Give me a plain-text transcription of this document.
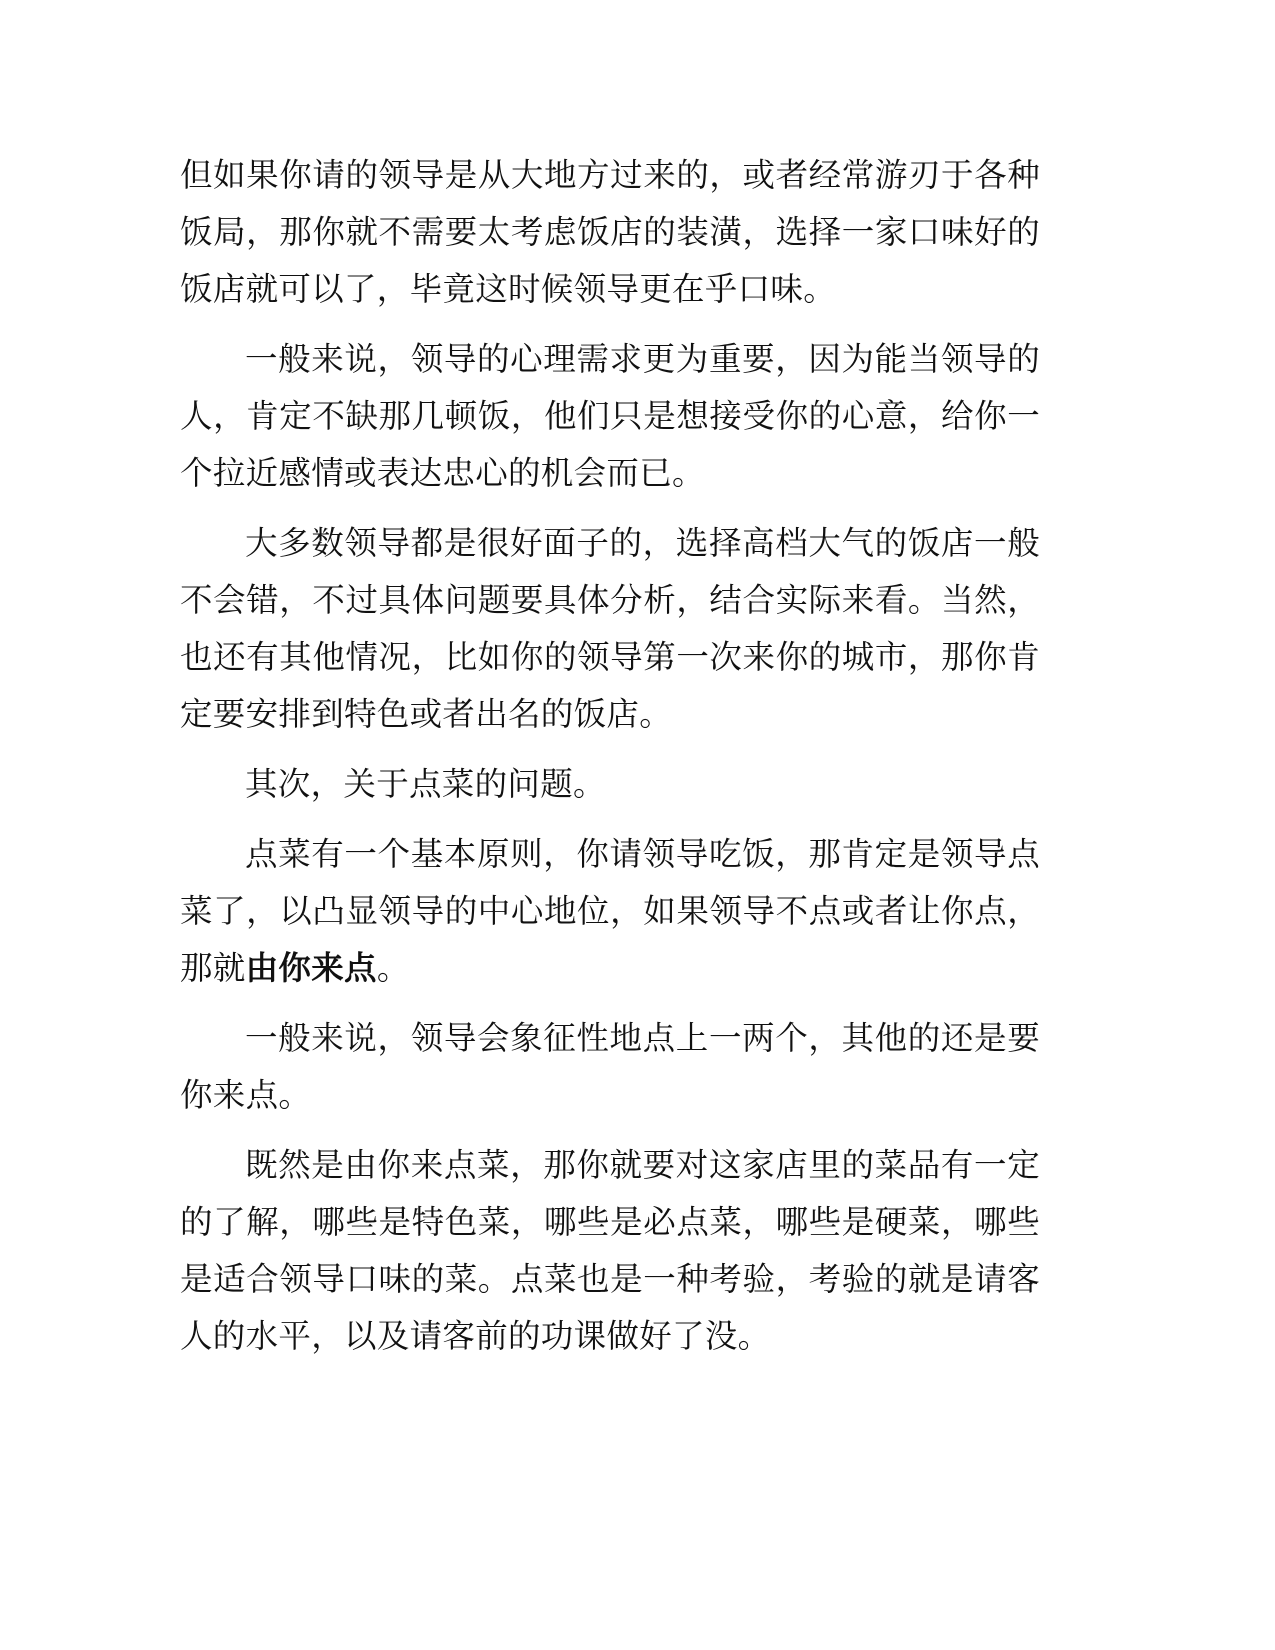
但如果你请的领导是从大地方过来的，或者经常游刃于各种饭局，那你就不需要太考虑饭店的装潢，选择一家口味好的饭店就可以了，毕竟这时候领导更在乎口味。

一般来说，领导的心理需求更为重要，因为能当领导的人，肯定不缺那几顿饭，他们只是想接受你的心意，给你一个拉近感情或表达忠心的机会而已。

大多数领导都是很好面子的，选择高档大气的饭店一般不会错，不过具体问题要具体分析，结合实际来看。当然，也还有其他情况，比如你的领导第一次来你的城市，那你肯定要安排到特色或者出名的饭店。

其次，关于点菜的问题。

点菜有一个基本原则，你请领导吃饭，那肯定是领导点菜了，以凸显领导的中心地位，如果领导不点或者让你点，那就由你来点。

一般来说，领导会象征性地点上一两个，其他的还是要你来点。

既然是由你来点菜，那你就要对这家店里的菜品有一定的了解，哪些是特色菜，哪些是必点菜，哪些是硬菜，哪些是适合领导口味的菜。点菜也是一种考验，考验的就是请客人的水平，以及请客前的功课做好了没。
